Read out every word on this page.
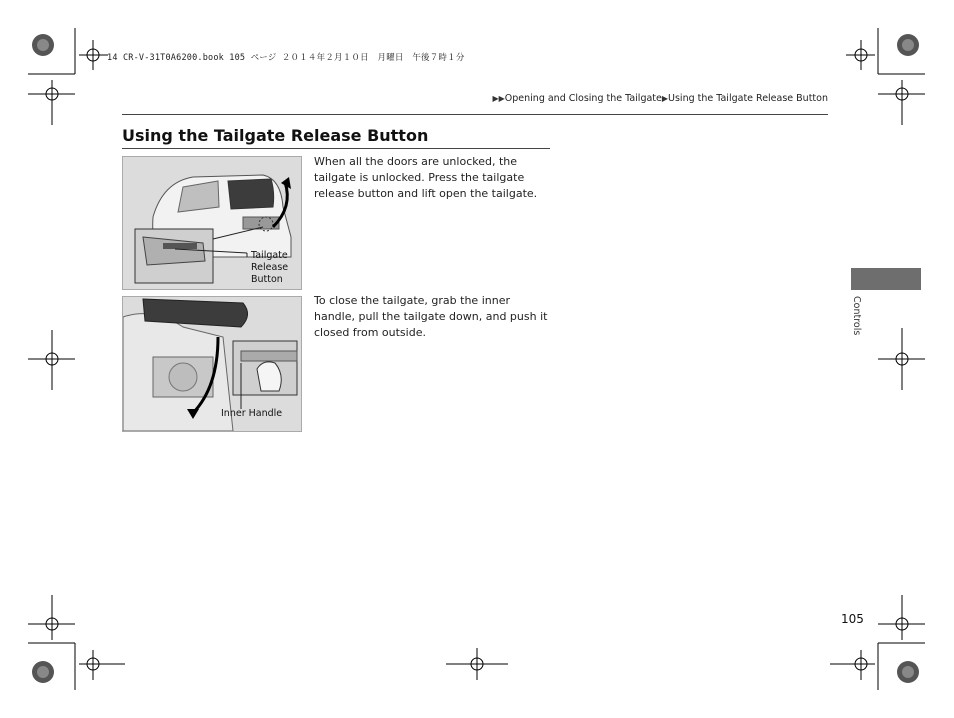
14 CR-V-31T0A6200.book 105 ページ ２０１４年２月１０日　月曜日　午後７時１分
▶▶Opening and Closing the Tailgate▶Using the Tailgate Release Button
Using the Tailgate Release Button
Tailgate
Release
Button
When all the doors are unlocked, the tailgate is unlocked. Press the tailgate release button and lift open the tailgate.
Inner Handle
To close the tailgate, grab the inner handle, pull the tailgate down, and push it closed from outside.	Controls
105
